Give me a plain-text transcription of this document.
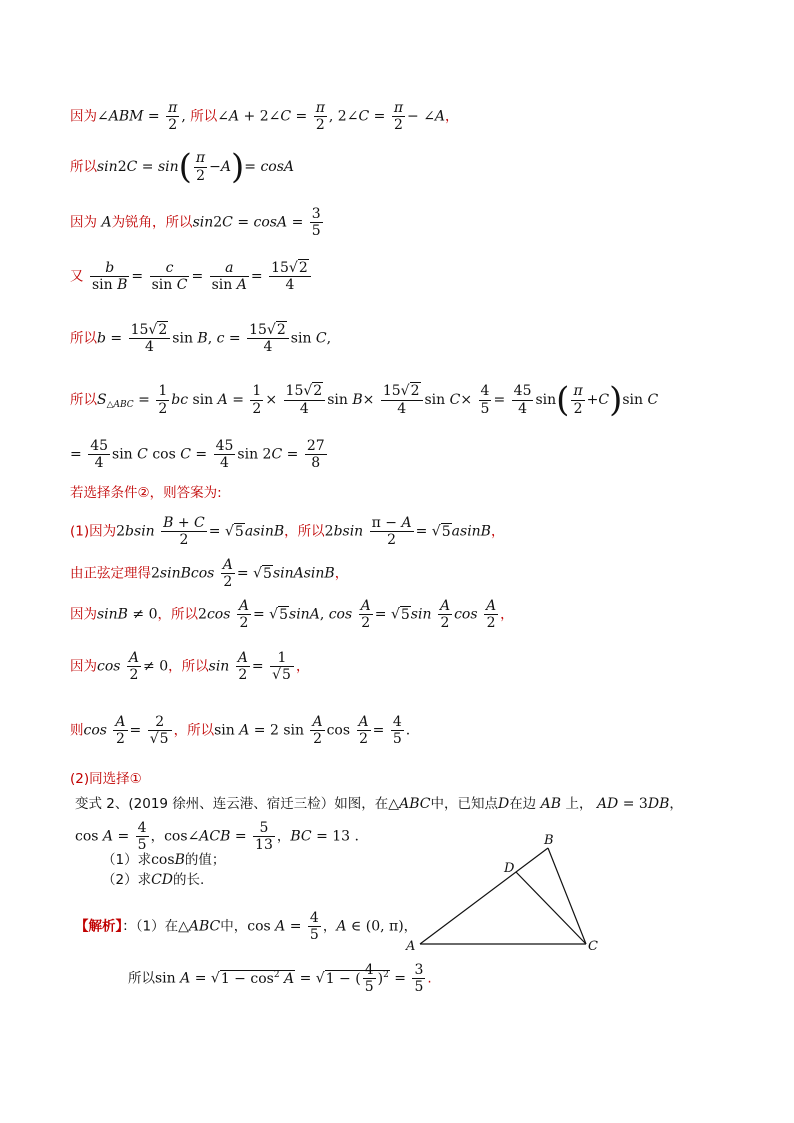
因为∠ABM = $\frac{\pi}{2}$ , 所以∠A + 2∠C = $\frac{\pi}{2}$ , 2∠C = $\frac{\pi}{2}$ − ∠A，
所以$\sin 2C = \sin( \frac{\pi}{2} -A)= \cos A$
因为 A为锐角，所以$\sin 2C = \cos A = \frac{3}{5}$
又 $\frac{b}{\text{sin B}} = \frac{c}{\text{sin C}} = \frac{a}{\text{sin A}} = \frac{15√2}{4}$
所以$b = \frac{15√2}{4}$ sin B, $c = \frac{15√2}{4}$ sin C,
所以$S_{\triangle ABC} = \frac{1}{2}$ bc $\sin A = \frac{1}{2} \times \frac{15√2}{4}$ $\sin B\times \frac{15√2}{4}$ $\sin C\times \frac{4}{5} = \frac{45}{4} \sin( \frac{\pi}{2} +C)\sin$ C
= $\frac{45}{4}$ sin C $\cos C = \frac{45}{4}$ $\sin 2C = \frac{27}{8}$
若选择条件②，则答案为:
(1)因为$2bsin \frac{B + C}{2} = √5asinB$，所以$2bsin \frac{\pi - A}{2} = √5asinB$，
由正弦定理得2sinBcos $\frac{A}{2}$ = √5sinAsinB，
因为sinB ≠ 0，所以$2\cos \frac{A}{2} = √5\sin A$, $\cos \frac{A}{2} = √5\sin \frac{A}{2}$ $\cos \frac{A}{2}$ ，
因为$\cos \frac{A}{2} \ne 0$，所以$\sin \frac{A}{2} = \frac{1}{√5}$ ，
则$\cos \frac{A}{2} = \frac{2}{√5}$ ，所以sin A = 2 $\sin \frac{A}{2}$ $\cos \frac{A}{2} = \frac{4}{5}$ .
(2)同选择①
变式 2、(2019 徐州、连云港、宿迁三检）如图，在△ABC中，已知点D在边 AB 上， AD = 3DB，
$\cos A = \frac{4}{5}$ ，cos∠ACB = $\frac{5}{13}$ ，BC = 13 .
（1）求cosB的值；
（2）求CD的长.
【解析】：（1）在△ABC中，$\cos A = \frac{4}{5}$ ，A ∈ (0, π)，
所以$\sin A = √1 - \cos^2 A = √1$ − ( $\frac{4}{5} )^2 = \frac{3}{5}$ .
A
B
C
D
